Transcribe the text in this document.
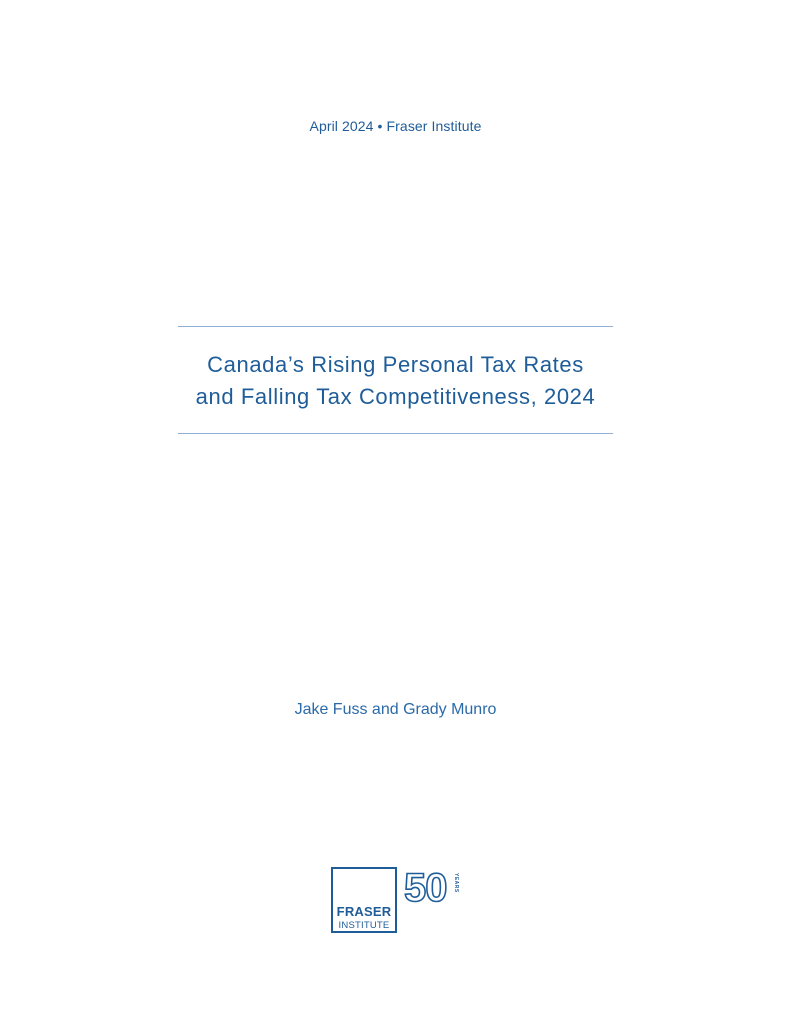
April 2024 • Fraser Institute
Canada’s Rising Personal Tax Rates
and Falling Tax Competitiveness, 2024
Jake Fuss and Grady Munro
FRASER
INSTITUTE
50 YEARS
